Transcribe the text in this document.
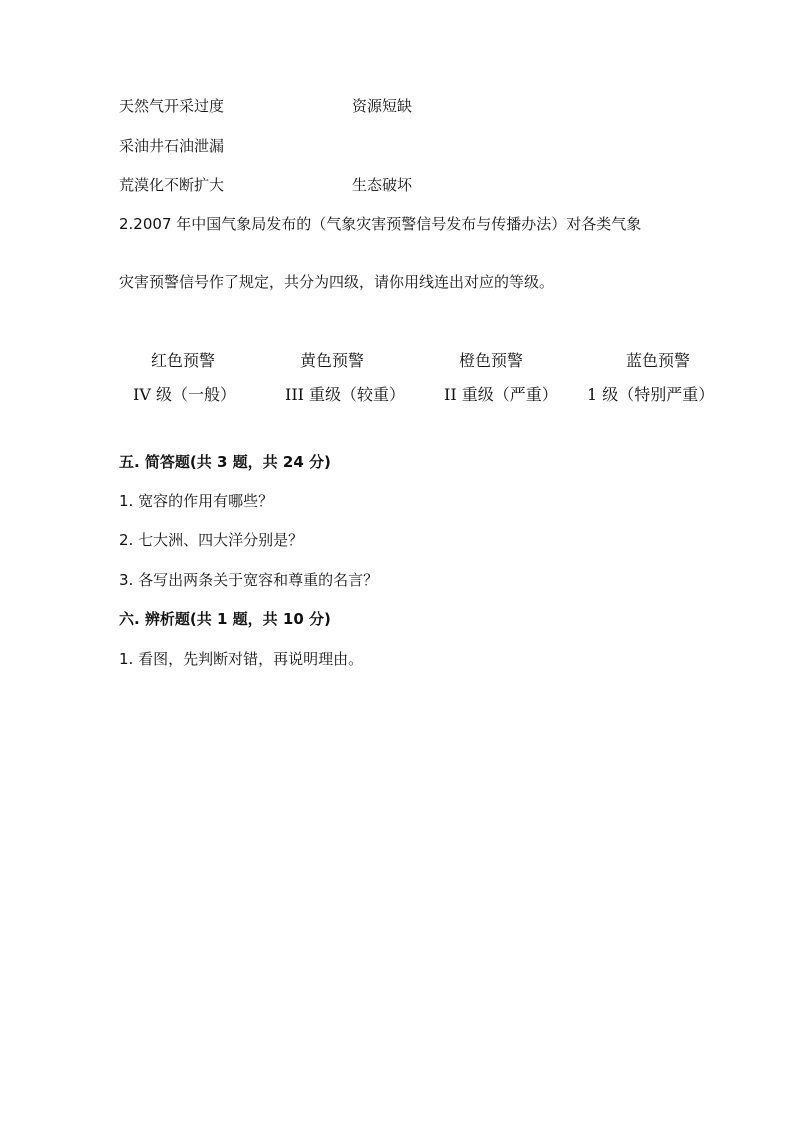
天然气开采过度	资源短缺
采油井石油泄漏
荒漠化不断扩大	生态破坏
2.2007 年中国气象局发布的（气象灾害预警信号发布与传播办法）对各类气象
灾害预警信号作了规定，共分为四级，请你用线连出对应的等级。
红色预警	黄色预警	橙色预警	蓝色预警
IV 级（一般）	III 重级（较重） II 重级（严重） 1 级（特别严重）
五. 简答题(共 3 题，共 24 分)
1. 宽容的作用有哪些？
2. 七大洲、四大洋分别是？
3. 各写出两条关于宽容和尊重的名言？
六. 辨析题(共 1 题，共 10 分)
1. 看图，先判断对错，再说明理由。
